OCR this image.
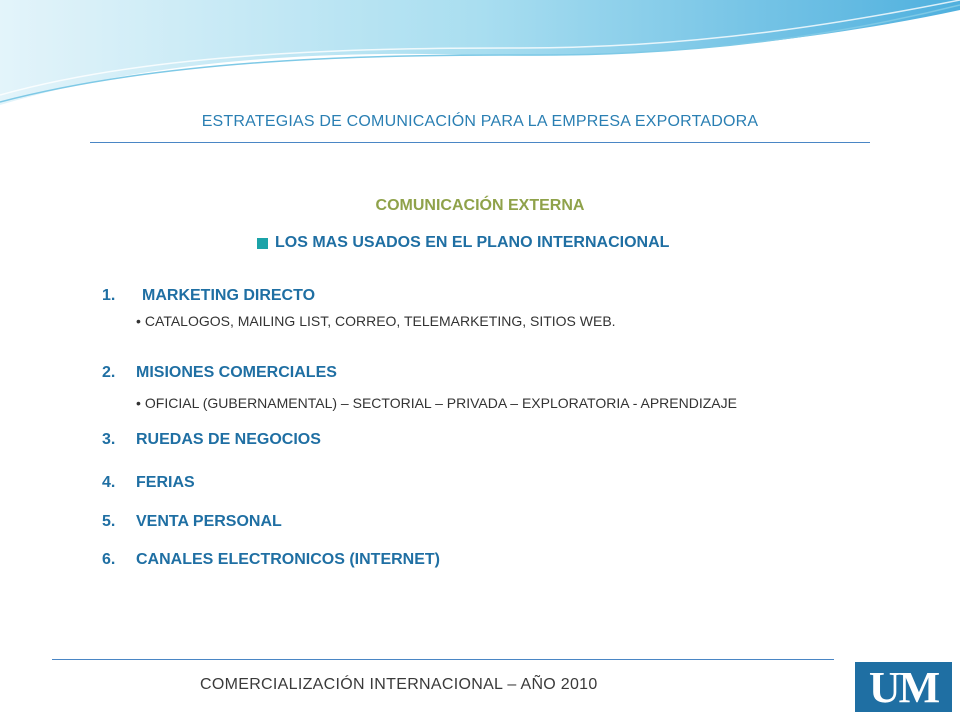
ESTRATEGIAS DE COMUNICACIÓN PARA LA EMPRESA EXPORTADORA
COMUNICACIÓN EXTERNA
LOS MAS USADOS EN EL PLANO INTERNACIONAL
1. MARKETING DIRECTO
• CATALOGOS, MAILING LIST, CORREO, TELEMARKETING, SITIOS WEB.
2. MISIONES COMERCIALES
• OFICIAL (GUBERNAMENTAL) – SECTORIAL – PRIVADA – EXPLORATORIA - APRENDIZAJE
3. RUEDAS DE NEGOCIOS
4. FERIAS
5. VENTA PERSONAL
6. CANALES ELECTRONICOS (INTERNET)
COMERCIALIZACIÓN INTERNACIONAL – AÑO 2010	UM
